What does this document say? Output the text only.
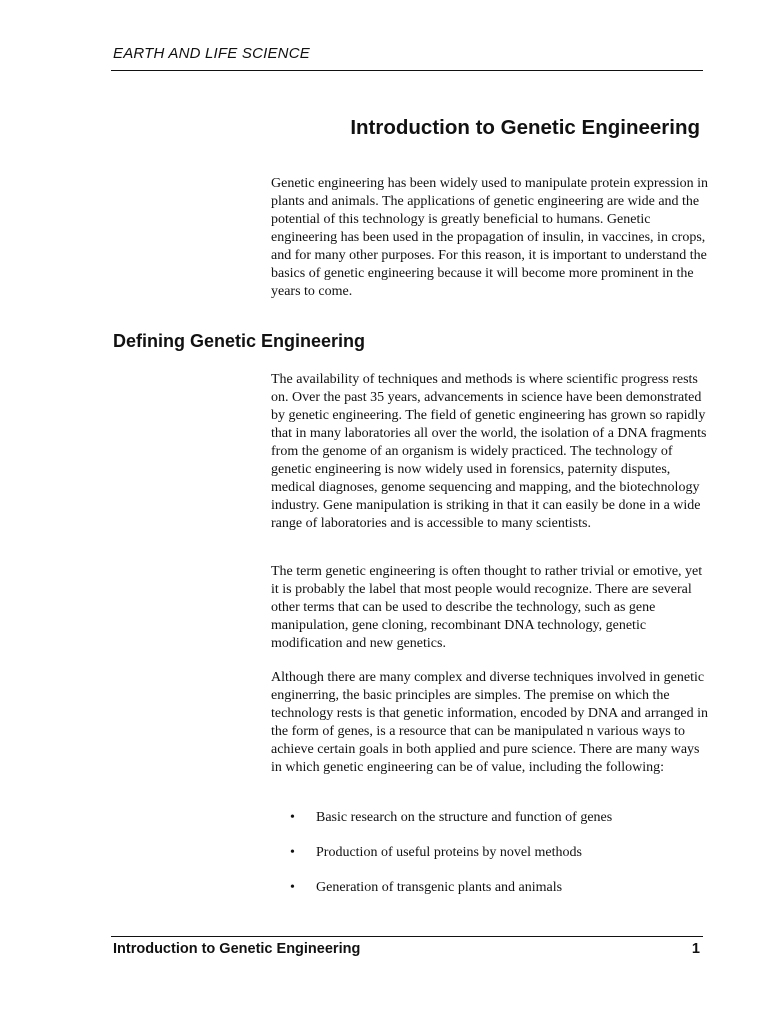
EARTH AND LIFE SCIENCE
Introduction to Genetic Engineering

Genetic engineering has been widely used to manipulate protein expression in plants and animals. The applications of genetic engineering are wide and the potential of this technology is greatly beneficial to humans. Genetic engineering has been used in the propagation of insulin, in vaccines, in crops, and for many other purposes. For this reason, it is important to understand the basics of genetic engineering because it will become more prominent in the years to come.

Defining Genetic Engineering

The availability of techniques and methods is where scientific progress rests on. Over the past 35 years, advancements in science have been demonstrated by genetic engineering. The field of genetic engineering has grown so rapidly that in many laboratories all over the world, the isolation of a DNA fragments from the genome of an organism is widely practiced. The technology of genetic engineering is now widely used in forensics, paternity disputes, medical diagnoses, genome sequencing and mapping, and the biotechnology industry. Gene manipulation is striking in that it can easily be done in a wide range of laboratories and is accessible to many scientists.

The term genetic engineering is often thought to rather trivial or emotive, yet it is probably the label that most people would recognize. There are several other terms that can be used to describe the technology, such as gene manipulation, gene cloning, recombinant DNA technology, genetic modification and new genetics.

Although there are many complex and diverse techniques involved in genetic enginerring, the basic principles are simples. The premise on which the technology rests is that genetic information, encoded by DNA and arranged in the form of genes, is a resource that can be manipulated n various ways to achieve certain goals in both applied and pure science. There are many ways in which genetic engineering can be of value, including the following:

• Basic research on the structure and function of genes
• Production of useful proteins by novel methods
• Generation of transgenic plants and animals
Introduction to Genetic Engineering	1
